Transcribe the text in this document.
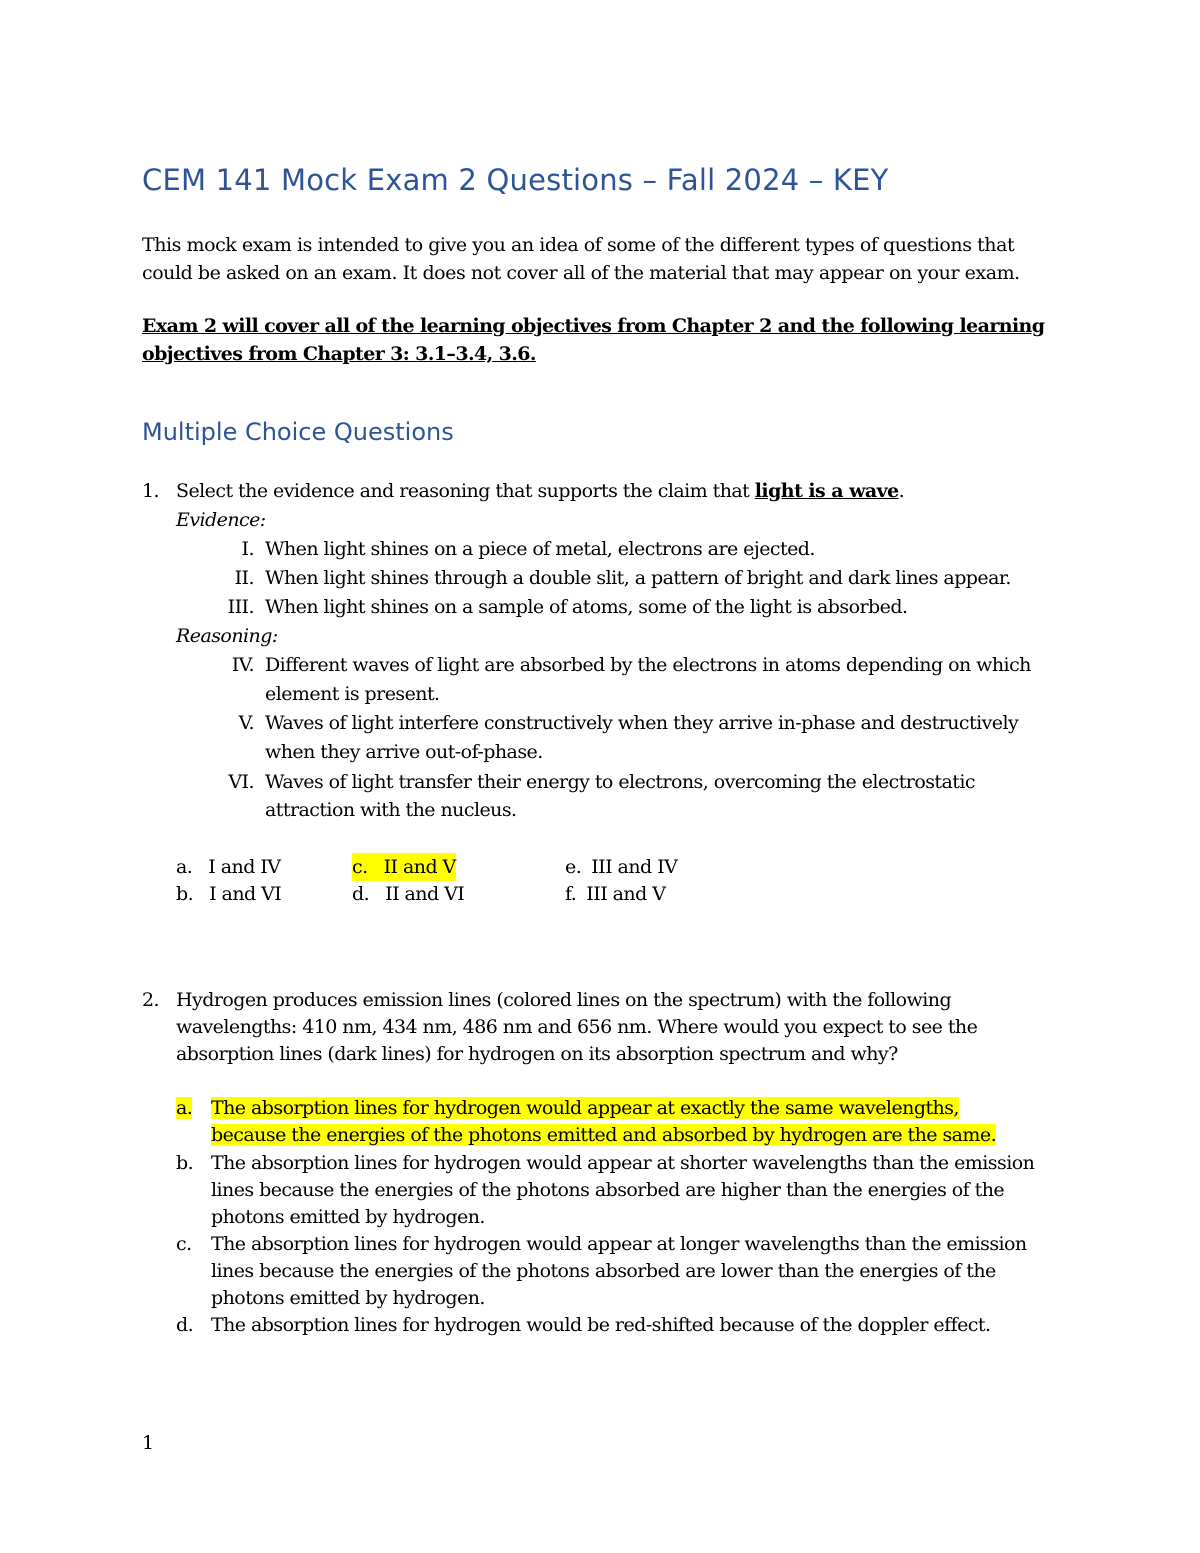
CEM 141 Mock Exam 2 Questions – Fall 2024 – KEY
This mock exam is intended to give you an idea of some of the different types of questions that could be asked on an exam. It does not cover all of the material that may appear on your exam.
Exam 2 will cover all of the learning objectives from Chapter 2 and the following learning objectives from Chapter 3: 3.1–3.4, 3.6.
Multiple Choice Questions
1. Select the evidence and reasoning that supports the claim that light is a wave.
Evidence:
I. When light shines on a piece of metal, electrons are ejected.
II. When light shines through a double slit, a pattern of bright and dark lines appear.
III. When light shines on a sample of atoms, some of the light is absorbed.
Reasoning:
IV. Different waves of light are absorbed by the electrons in atoms depending on which
element is present.
V. Waves of light interfere constructively when they arrive in-phase and destructively
when they arrive out-of-phase.
VI. Waves of light transfer their energy to electrons, overcoming the electrostatic
attraction with the nucleus.
a. I and IV
b. I and VI
c. II and V
d. II and VI
e. III and IV
f. III and V
2. Hydrogen produces emission lines (colored lines on the spectrum) with the following
wavelengths: 410 nm, 434 nm, 486 nm and 656 nm. Where would you expect to see the
absorption lines (dark lines) for hydrogen on its absorption spectrum and why?
a. The absorption lines for hydrogen would appear at exactly the same wavelengths,
because the energies of the photons emitted and absorbed by hydrogen are the same.
b. The absorption lines for hydrogen would appear at shorter wavelengths than the emission
lines because the energies of the photons absorbed are higher than the energies of the
photons emitted by hydrogen.
c. The absorption lines for hydrogen would appear at longer wavelengths than the emission
lines because the energies of the photons absorbed are lower than the energies of the
photons emitted by hydrogen.
d. The absorption lines for hydrogen would be red-shifted because of the doppler effect.
1
